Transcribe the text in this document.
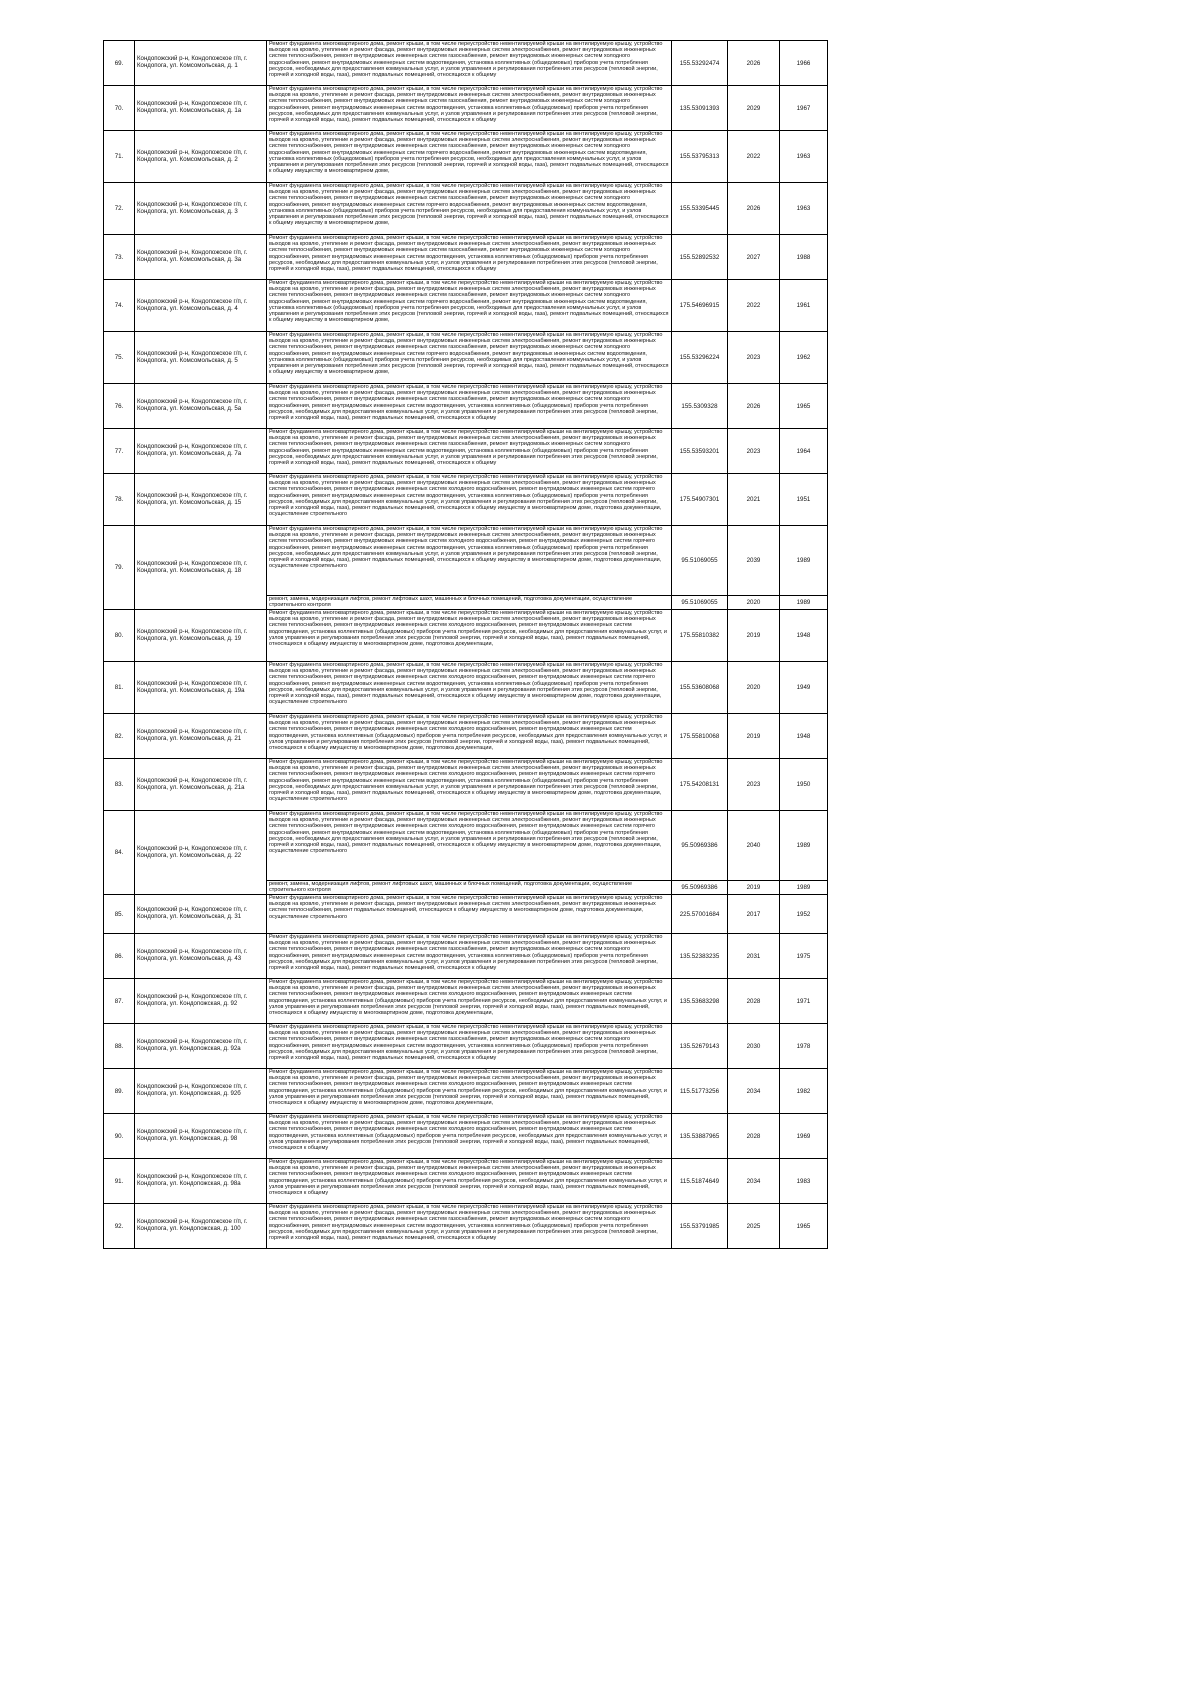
69.	Кондопожский р-н, Кондопожское г/п, г. Кондопога, ул. Комсомольская, д. 1	Ремонт фундамента многоквартирного дома, ремонт крыши, в том числе переустройство невентилируемой крыши на вентилируемую крышу, устройство выходов на кровлю, утепление и ремонт фасада, ремонт внутридомовых инженерных систем электроснабжения, ремонт внутридомовых инженерных систем теплоснабжения, ремонт внутридомовых инженерных систем газоснабжения, ремонт внутридомовых инженерных систем холодного водоснабжения, ремонт внутридомовых инженерных систем водоотведения, установка коллективных (общедомовых) приборов учета потребления ресурсов, необходимых для предоставления коммунальных услуг, и узлов управления и регулирования потребления этих ресурсов (тепловой энергии, горячей и холодной воды, газа), ремонт подвальных помещений, относящихся к общему	155.53292474	2026	1966
70.	Кондопожский р-н, Кондопожское г/п, г. Кондопога, ул. Комсомольская, д. 1а	Ремонт фундамента многоквартирного дома, ремонт крыши, в том числе переустройство невентилируемой крыши на вентилируемую крышу, устройство выходов на кровлю, утепление и ремонт фасада, ремонт внутридомовых инженерных систем электроснабжения, ремонт внутридомовых инженерных систем теплоснабжения, ремонт внутридомовых инженерных систем газоснабжения, ремонт внутридомовых инженерных систем холодного водоснабжения, ремонт внутридомовых инженерных систем водоотведения, установка коллективных (общедомовых) приборов учета потребления ресурсов, необходимых для предоставления коммунальных услуг, и узлов управления и регулирования потребления этих ресурсов (тепловой энергии, горячей и холодной воды, газа), ремонт подвальных помещений, относящихся к общему	135.53091393	2029	1967
71.	Кондопожский р-н, Кондопожское г/п, г. Кондопога, ул. Комсомольская, д. 2	Ремонт фундамента многоквартирного дома, ремонт крыши, в том числе переустройство невентилируемой крыши на вентилируемую крышу, устройство выходов на кровлю, утепление и ремонт фасада, ремонт внутридомовых инженерных систем электроснабжения, ремонт внутридомовых инженерных систем теплоснабжения, ремонт внутридомовых инженерных систем газоснабжения, ремонт внутридомовых инженерных систем холодного водоснабжения, ремонт внутридомовых инженерных систем горячего водоснабжения, ремонт внутридомовых инженерных систем водоотведения, установка коллективных (общедомовых) приборов учета потребления ресурсов, необходимых для предоставления коммунальных услуг, и узлов управления и регулирования потребления этих ресурсов (тепловой энергии, горячей и холодной воды, газа), ремонт подвальных помещений, относящихся к общему имуществу в многоквартирном доме,	155.53795313	2022	1963
72.	Кондопожский р-н, Кондопожское г/п, г. Кондопога, ул. Комсомольская, д. 3	Ремонт фундамента многоквартирного дома, ремонт крыши, в том числе переустройство невентилируемой крыши на вентилируемую крышу, устройство выходов на кровлю, утепление и ремонт фасада, ремонт внутридомовых инженерных систем электроснабжения, ремонт внутридомовых инженерных систем теплоснабжения, ремонт внутридомовых инженерных систем газоснабжения, ремонт внутридомовых инженерных систем холодного водоснабжения, ремонт внутридомовых инженерных систем горячего водоснабжения, ремонт внутридомовых инженерных систем водоотведения, установка коллективных (общедомовых) приборов учета потребления ресурсов, необходимых для предоставления коммунальных услуг, и узлов управления и регулирования потребления этих ресурсов (тепловой энергии, горячей и холодной воды, газа), ремонт подвальных помещений, относящихся к общему имуществу в многоквартирном доме,	155.53395445	2026	1963
73.	Кондопожский р-н, Кондопожское г/п, г. Кондопога, ул. Комсомольская, д. 3а	Ремонт фундамента многоквартирного дома, ремонт крыши, в том числе переустройство невентилируемой крыши на вентилируемую крышу, устройство выходов на кровлю, утепление и ремонт фасада, ремонт внутридомовых инженерных систем электроснабжения, ремонт внутридомовых инженерных систем теплоснабжения, ремонт внутридомовых инженерных систем газоснабжения, ремонт внутридомовых инженерных систем холодного водоснабжения, ремонт внутридомовых инженерных систем водоотведения, установка коллективных (общедомовых) приборов учета потребления ресурсов, необходимых для предоставления коммунальных услуг, и узлов управления и регулирования потребления этих ресурсов (тепловой энергии, горячей и холодной воды, газа), ремонт подвальных помещений, относящихся к общему	155.52892532	2027	1988
74.	Кондопожский р-н, Кондопожское г/п, г. Кондопога, ул. Комсомольская, д. 4	Ремонт фундамента многоквартирного дома, ремонт крыши, в том числе переустройство невентилируемой крыши на вентилируемую крышу, устройство выходов на кровлю, утепление и ремонт фасада, ремонт внутридомовых инженерных систем электроснабжения, ремонт внутридомовых инженерных систем теплоснабжения, ремонт внутридомовых инженерных систем газоснабжения, ремонт внутридомовых инженерных систем холодного водоснабжения, ремонт внутридомовых инженерных систем горячего водоснабжения, ремонт внутридомовых инженерных систем водоотведения, установка коллективных (общедомовых) приборов учета потребления ресурсов, необходимых для предоставления коммунальных услуг, и узлов управления и регулирования потребления этих ресурсов (тепловой энергии, горячей и холодной воды, газа), ремонт подвальных помещений, относящихся к общему имуществу в многоквартирном доме,	175.54696915	2022	1961
75.	Кондопожский р-н, Кондопожское г/п, г. Кондопога, ул. Комсомольская, д. 5	Ремонт фундамента многоквартирного дома, ремонт крыши, в том числе переустройство невентилируемой крыши на вентилируемую крышу, устройство выходов на кровлю, утепление и ремонт фасада, ремонт внутридомовых инженерных систем электроснабжения, ремонт внутридомовых инженерных систем теплоснабжения, ремонт внутридомовых инженерных систем газоснабжения, ремонт внутридомовых инженерных систем холодного водоснабжения, ремонт внутридомовых инженерных систем горячего водоснабжения, ремонт внутридомовых инженерных систем водоотведения, установка коллективных (общедомовых) приборов учета потребления ресурсов, необходимых для предоставления коммунальных услуг, и узлов управления и регулирования потребления этих ресурсов (тепловой энергии, горячей и холодной воды, газа), ремонт подвальных помещений, относящихся к общему имуществу в многоквартирном доме,	155.53296224	2023	1962
76.	Кондопожский р-н, Кондопожское г/п, г. Кондопога, ул. Комсомольская, д. 5а	Ремонт фундамента многоквартирного дома, ремонт крыши, в том числе переустройство невентилируемой крыши на вентилируемую крышу, устройство выходов на кровлю, утепление и ремонт фасада, ремонт внутридомовых инженерных систем электроснабжения, ремонт внутридомовых инженерных систем теплоснабжения, ремонт внутридомовых инженерных систем газоснабжения, ремонт внутридомовых инженерных систем холодного водоснабжения, ремонт внутридомовых инженерных систем водоотведения, установка коллективных (общедомовых) приборов учета потребления ресурсов, необходимых для предоставления коммунальных услуг, и узлов управления и регулирования потребления этих ресурсов (тепловой энергии, горячей и холодной воды, газа), ремонт подвальных помещений, относящихся к общему	155.5309328	2026	1965
77.	Кондопожский р-н, Кондопожское г/п, г. Кондопога, ул. Комсомольская, д. 7а	Ремонт фундамента многоквартирного дома, ремонт крыши, в том числе переустройство невентилируемой крыши на вентилируемую крышу, устройство выходов на кровлю, утепление и ремонт фасада, ремонт внутридомовых инженерных систем электроснабжения, ремонт внутридомовых инженерных систем теплоснабжения, ремонт внутридомовых инженерных систем газоснабжения, ремонт внутридомовых инженерных систем холодного водоснабжения, ремонт внутридомовых инженерных систем водоотведения, установка коллективных (общедомовых) приборов учета потребления ресурсов, необходимых для предоставления коммунальных услуг, и узлов управления и регулирования потребления этих ресурсов (тепловой энергии, горячей и холодной воды, газа), ремонт подвальных помещений, относящихся к общему	155.53593201	2023	1964
78.	Кондопожский р-н, Кондопожское г/п, г. Кондопога, ул. Комсомольская, д. 15	Ремонт фундамента многоквартирного дома, ремонт крыши, в том числе переустройство невентилируемой крыши на вентилируемую крышу, устройство выходов на кровлю, утепление и ремонт фасада, ремонт внутридомовых инженерных систем электроснабжения, ремонт внутридомовых инженерных систем теплоснабжения, ремонт внутридомовых инженерных систем холодного водоснабжения, ремонт внутридомовых инженерных систем горячего водоснабжения, ремонт внутридомовых инженерных систем водоотведения, установка коллективных (общедомовых) приборов учета потребления ресурсов, необходимых для предоставления коммунальных услуг, и узлов управления и регулирования потребления этих ресурсов (тепловой энергии, горячей и холодной воды, газа), ремонт подвальных помещений, относящихся к общему имуществу в многоквартирном доме, подготовка документации, осуществление строительного	175.54907301	2021	1951
79.	Кондопожский р-н, Кондопожское г/п, г. Кондопога, ул. Комсомольская, д. 18	Ремонт фундамента многоквартирного дома, ремонт крыши, в том числе переустройство невентилируемой крыши на вентилируемую крышу, устройство выходов на кровлю, утепление и ремонт фасада, ремонт внутридомовых инженерных систем электроснабжения, ремонт внутридомовых инженерных систем теплоснабжения, ремонт внутридомовых инженерных систем холодного водоснабжения, ремонт внутридомовых инженерных систем горячего водоснабжения, ремонт внутридомовых инженерных систем водоотведения, установка коллективных (общедомовых) приборов учета потребления ресурсов, необходимых для предоставления коммунальных услуг, и узлов управления и регулирования потребления этих ресурсов (тепловой энергии, горячей и холодной воды, газа), ремонт подвальных помещений, относящихся к общему имуществу в многоквартирном доме, подготовка документации, осуществление строительного	95.51069055	2039	1989

		ремонт, замена, модернизация лифтов, ремонт лифтовых шахт, машинных и блочных помещений, подготовка документации, осуществление строительного контроля	95.51069055	2020	1989
80.	Кондопожский р-н, Кондопожское г/п, г. Кондопога, ул. Комсомольская, д. 19	Ремонт фундамента многоквартирного дома, ремонт крыши, в том числе переустройство невентилируемой крыши на вентилируемую крышу, устройство выходов на кровлю, утепление и ремонт фасада, ремонт внутридомовых инженерных систем электроснабжения, ремонт внутридомовых инженерных систем теплоснабжения, ремонт внутридомовых инженерных систем холодного водоснабжения, ремонт внутридомовых инженерных систем водоотведения, установка коллективных (общедомовых) приборов учета потребления ресурсов, необходимых для предоставления коммунальных услуг, и узлов управления и регулирования потребления этих ресурсов (тепловой энергии, горячей и холодной воды, газа), ремонт подвальных помещений, относящихся к общему имуществу в многоквартирном доме, подготовка документации,	175.55810382	2019	1948
81.	Кондопожский р-н, Кондопожское г/п, г. Кондопога, ул. Комсомольская, д. 19а	Ремонт фундамента многоквартирного дома, ремонт крыши, в том числе переустройство невентилируемой крыши на вентилируемую крышу, устройство выходов на кровлю, утепление и ремонт фасада, ремонт внутридомовых инженерных систем электроснабжения, ремонт внутридомовых инженерных систем теплоснабжения, ремонт внутридомовых инженерных систем холодного водоснабжения, ремонт внутридомовых инженерных систем горячего водоснабжения, ремонт внутридомовых инженерных систем водоотведения, установка коллективных (общедомовых) приборов учета потребления ресурсов, необходимых для предоставления коммунальных услуг, и узлов управления и регулирования потребления этих ресурсов (тепловой энергии, горячей и холодной воды, газа), ремонт подвальных помещений, относящихся к общему имуществу в многоквартирном доме, подготовка документации, осуществление строительного	155.53608068	2020	1949
82.	Кондопожский р-н, Кондопожское г/п, г. Кондопога, ул. Комсомольская, д. 21	Ремонт фундамента многоквартирного дома, ремонт крыши, в том числе переустройство невентилируемой крыши на вентилируемую крышу, устройство выходов на кровлю, утепление и ремонт фасада, ремонт внутридомовых инженерных систем электроснабжения, ремонт внутридомовых инженерных систем теплоснабжения, ремонт внутридомовых инженерных систем холодного водоснабжения, ремонт внутридомовых инженерных систем водоотведения, установка коллективных (общедомовых) приборов учета потребления ресурсов, необходимых для предоставления коммунальных услуг, и узлов управления и регулирования потребления этих ресурсов (тепловой энергии, горячей и холодной воды, газа), ремонт подвальных помещений, относящихся к общему имуществу в многоквартирном доме, подготовка документации,	175.55810068	2019	1948
83.	Кондопожский р-н, Кондопожское г/п, г. Кондопога, ул. Комсомольская, д. 21а	Ремонт фундамента многоквартирного дома, ремонт крыши, в том числе переустройство невентилируемой крыши на вентилируемую крышу, устройство выходов на кровлю, утепление и ремонт фасада, ремонт внутридомовых инженерных систем электроснабжения, ремонт внутридомовых инженерных систем теплоснабжения, ремонт внутридомовых инженерных систем холодного водоснабжения, ремонт внутридомовых инженерных систем горячего водоснабжения, ремонт внутридомовых инженерных систем водоотведения, установка коллективных (общедомовых) приборов учета потребления ресурсов, необходимых для предоставления коммунальных услуг, и узлов управления и регулирования потребления этих ресурсов (тепловой энергии, горячей и холодной воды, газа), ремонт подвальных помещений, относящихся к общему имуществу в многоквартирном доме, подготовка документации, осуществление строительного	175.54208131	2023	1950
84.	Кондопожский р-н, Кондопожское г/п, г. Кондопога, ул. Комсомольская, д. 22	Ремонт фундамента многоквартирного дома, ремонт крыши, в том числе переустройство невентилируемой крыши на вентилируемую крышу, устройство выходов на кровлю, утепление и ремонт фасада, ремонт внутридомовых инженерных систем электроснабжения, ремонт внутридомовых инженерных систем теплоснабжения, ремонт внутридомовых инженерных систем холодного водоснабжения, ремонт внутридомовых инженерных систем горячего водоснабжения, ремонт внутридомовых инженерных систем водоотведения, установка коллективных (общедомовых) приборов учета потребления ресурсов, необходимых для предоставления коммунальных услуг, и узлов управления и регулирования потребления этих ресурсов (тепловой энергии, горячей и холодной воды, газа), ремонт подвальных помещений, относящихся к общему имуществу в многоквартирном доме, подготовка документации, осуществление строительного	95.50969386	2040	1989

		ремонт, замена, модернизация лифтов, ремонт лифтовых шахт, машинных и блочных помещений, подготовка документации, осуществление строительного контроля	95.50969386	2019	1989
85.	Кондопожский р-н, Кондопожское г/п, г. Кондопога, ул. Комсомольская, д. 31	Ремонт фундамента многоквартирного дома, ремонт крыши, в том числе переустройство невентилируемой крыши на вентилируемую крышу, устройство выходов на кровлю, утепление и ремонт фасада, ремонт внутридомовых инженерных систем электроснабжения, ремонт внутридомовых инженерных систем теплоснабжения, ремонт подвальных помещений, относящихся к общему имуществу в многоквартирном доме, подготовка документации, осуществление строительного	225.57001684	2017	1952
86.	Кондопожский р-н, Кондопожское г/п, г. Кондопога, ул. Комсомольская, д. 43	Ремонт фундамента многоквартирного дома, ремонт крыши, в том числе переустройство невентилируемой крыши на вентилируемую крышу, устройство выходов на кровлю, утепление и ремонт фасада, ремонт внутридомовых инженерных систем электроснабжения, ремонт внутридомовых инженерных систем теплоснабжения, ремонт внутридомовых инженерных систем газоснабжения, ремонт внутридомовых инженерных систем холодного водоснабжения, ремонт внутридомовых инженерных систем водоотведения, установка коллективных (общедомовых) приборов учета потребления ресурсов, необходимых для предоставления коммунальных услуг, и узлов управления и регулирования потребления этих ресурсов (тепловой энергии, горячей и холодной воды, газа), ремонт подвальных помещений, относящихся к общему	135.52383235	2031	1975
87.	Кондопожский р-н, Кондопожское г/п, г. Кондопога, ул. Кондопожская, д. 92	Ремонт фундамента многоквартирного дома, ремонт крыши, в том числе переустройство невентилируемой крыши на вентилируемую крышу, устройство выходов на кровлю, утепление и ремонт фасада, ремонт внутридомовых инженерных систем электроснабжения, ремонт внутридомовых инженерных систем теплоснабжения, ремонт внутридомовых инженерных систем холодного водоснабжения, ремонт внутридомовых инженерных систем водоотведения, установка коллективных (общедомовых) приборов учета потребления ресурсов, необходимых для предоставления коммунальных услуг, и узлов управления и регулирования потребления этих ресурсов (тепловой энергии, горячей и холодной воды, газа), ремонт подвальных помещений, относящихся к общему имуществу в многоквартирном доме, подготовка документации,	135.53683298	2028	1971
88.	Кондопожский р-н, Кондопожское г/п, г. Кондопога, ул. Кондопожская, д. 92а	Ремонт фундамента многоквартирного дома, ремонт крыши, в том числе переустройство невентилируемой крыши на вентилируемую крышу, устройство выходов на кровлю, утепление и ремонт фасада, ремонт внутридомовых инженерных систем электроснабжения, ремонт внутридомовых инженерных систем теплоснабжения, ремонт внутридомовых инженерных систем газоснабжения, ремонт внутридомовых инженерных систем холодного водоснабжения, ремонт внутридомовых инженерных систем водоотведения, установка коллективных (общедомовых) приборов учета потребления ресурсов, необходимых для предоставления коммунальных услуг, и узлов управления и регулирования потребления этих ресурсов (тепловой энергии, горячей и холодной воды, газа), ремонт подвальных помещений, относящихся к общему	135.52679143	2030	1978
89.	Кондопожский р-н, Кондопожское г/п, г. Кондопога, ул. Кондопожская, д. 92б	Ремонт фундамента многоквартирного дома, ремонт крыши, в том числе переустройство невентилируемой крыши на вентилируемую крышу, устройство выходов на кровлю, утепление и ремонт фасада, ремонт внутридомовых инженерных систем электроснабжения, ремонт внутридомовых инженерных систем теплоснабжения, ремонт внутридомовых инженерных систем холодного водоснабжения, ремонт внутридомовых инженерных систем водоотведения, установка коллективных (общедомовых) приборов учета потребления ресурсов, необходимых для предоставления коммунальных услуг, и узлов управления и регулирования потребления этих ресурсов (тепловой энергии, горячей и холодной воды, газа), ремонт подвальных помещений, относящихся к общему имуществу в многоквартирном доме, подготовка документации,	115.51773256	2034	1982
90.	Кондопожский р-н, Кондопожское г/п, г. Кондопога, ул. Кондопожская, д. 98	Ремонт фундамента многоквартирного дома, ремонт крыши, в том числе переустройство невентилируемой крыши на вентилируемую крышу, устройство выходов на кровлю, утепление и ремонт фасада, ремонт внутридомовых инженерных систем электроснабжения, ремонт внутридомовых инженерных систем теплоснабжения, ремонт внутридомовых инженерных систем холодного водоснабжения, ремонт внутридомовых инженерных систем водоотведения, установка коллективных (общедомовых) приборов учета потребления ресурсов, необходимых для предоставления коммунальных услуг, и узлов управления и регулирования потребления этих ресурсов (тепловой энергии, горячей и холодной воды, газа), ремонт подвальных помещений, относящихся к общему	135.53887965	2028	1969
91.	Кондопожский р-н, Кондопожское г/п, г. Кондопога, ул. Кондопожская, д. 98а	Ремонт фундамента многоквартирного дома, ремонт крыши, в том числе переустройство невентилируемой крыши на вентилируемую крышу, устройство выходов на кровлю, утепление и ремонт фасада, ремонт внутридомовых инженерных систем электроснабжения, ремонт внутридомовых инженерных систем теплоснабжения, ремонт внутридомовых инженерных систем холодного водоснабжения, ремонт внутридомовых инженерных систем водоотведения, установка коллективных (общедомовых) приборов учета потребления ресурсов, необходимых для предоставления коммунальных услуг, и узлов управления и регулирования потребления этих ресурсов (тепловой энергии, горячей и холодной воды, газа), ремонт подвальных помещений, относящихся к общему	115.51874649	2034	1983
92.	Кондопожский р-н, Кондопожское г/п, г. Кондопога, ул. Кондопожская, д. 100	Ремонт фундамента многоквартирного дома, ремонт крыши, в том числе переустройство невентилируемой крыши на вентилируемую крышу, устройство выходов на кровлю, утепление и ремонт фасада, ремонт внутридомовых инженерных систем электроснабжения, ремонт внутридомовых инженерных систем теплоснабжения, ремонт внутридомовых инженерных систем газоснабжения, ремонт внутридомовых инженерных систем холодного водоснабжения, ремонт внутридомовых инженерных систем водоотведения, установка коллективных (общедомовых) приборов учета потребления ресурсов, необходимых для предоставления коммунальных услуг, и узлов управления и регулирования потребления этих ресурсов (тепловой энергии, горячей и холодной воды, газа), ремонт подвальных помещений, относящихся к общему	155.53791985	2025	1965
